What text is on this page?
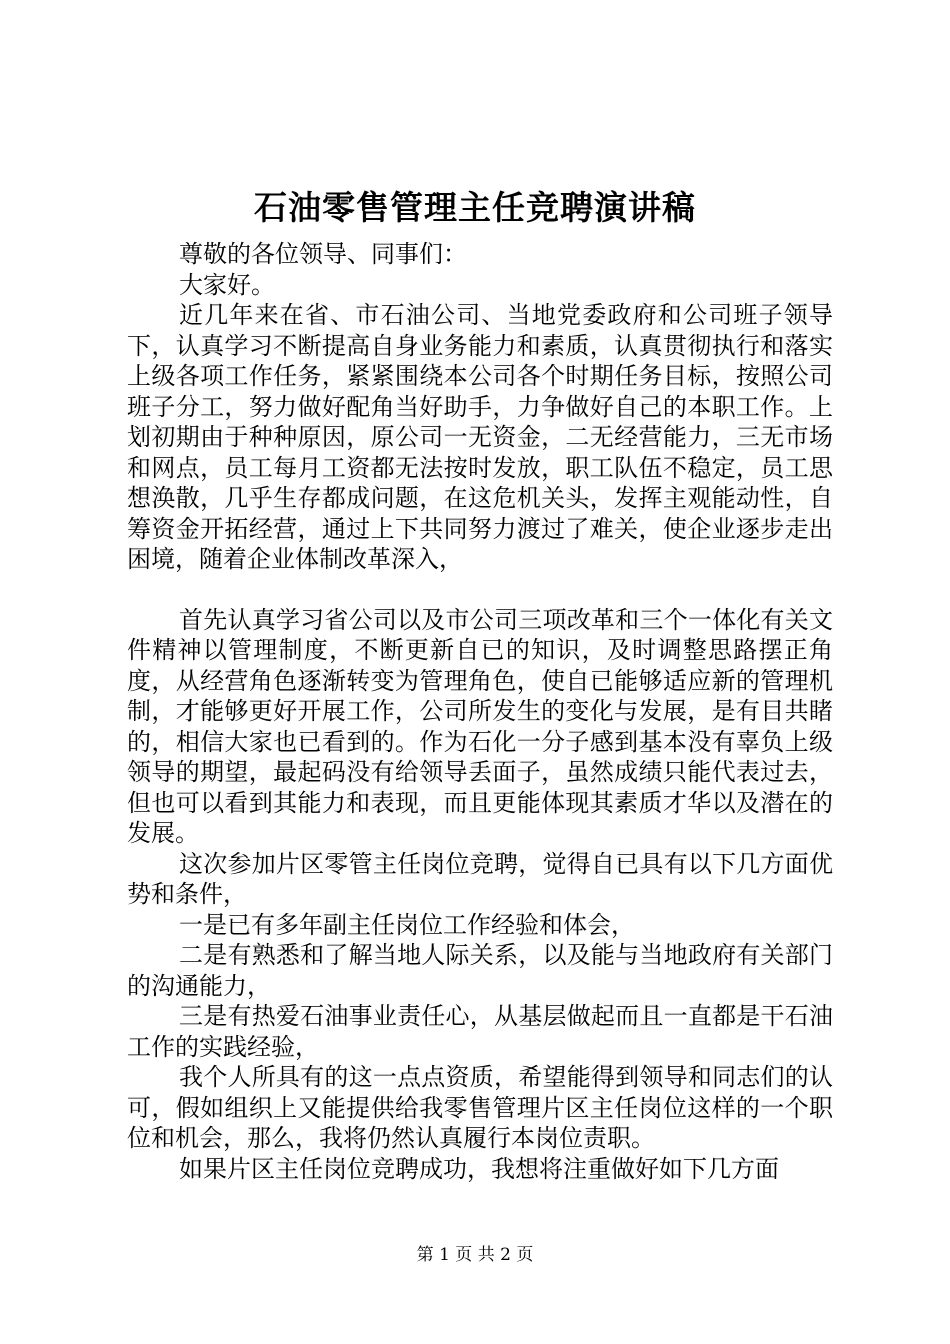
石油零售管理主任竞聘演讲稿

尊敬的各位领导、同事们：

大家好。

近几年来在省、市石油公司、当地党委政府和公司班子领导下，认真学习不断提高自身业务能力和素质，认真贯彻执行和落实上级各项工作任务，紧紧围绕本公司各个时期任务目标，按照公司班子分工，努力做好配角当好助手，力争做好自己的本职工作。上划初期由于种种原因，原公司一无资金，二无经营能力，三无市场和网点，员工每月工资都无法按时发放，职工队伍不稳定，员工思想涣散，几乎生存都成问题，在这危机关头，发挥主观能动性，自筹资金开拓经营，通过上下共同努力渡过了难关，使企业逐步走出困境，随着企业体制改革深入，

首先认真学习省公司以及市公司三项改革和三个一体化有关文件精神以管理制度，不断更新自已的知识，及时调整思路摆正角度，从经营角色逐渐转变为管理角色，使自已能够适应新的管理机制，才能够更好开展工作，公司所发生的变化与发展，是有目共睹的，相信大家也已看到的。作为石化一分子感到基本没有辜负上级领导的期望，最起码没有给领导丢面子，虽然成绩只能代表过去，但也可以看到其能力和表现，而且更能体现其素质才华以及潜在的发展。

这次参加片区零管主任岗位竞聘，觉得自已具有以下几方面优势和条件，

一是已有多年副主任岗位工作经验和体会，

二是有熟悉和了解当地人际关系，以及能与当地政府有关部门的沟通能力，

三是有热爱石油事业责任心，从基层做起而且一直都是干石油工作的实践经验，

我个人所具有的这一点点资质，希望能得到领导和同志们的认可，假如组织上又能提供给我零售管理片区主任岗位这样的一个职位和机会，那么，我将仍然认真履行本岗位责职。

如果片区主任岗位竞聘成功，我想将注重做好如下几方面

第 1 页 共 2 页
